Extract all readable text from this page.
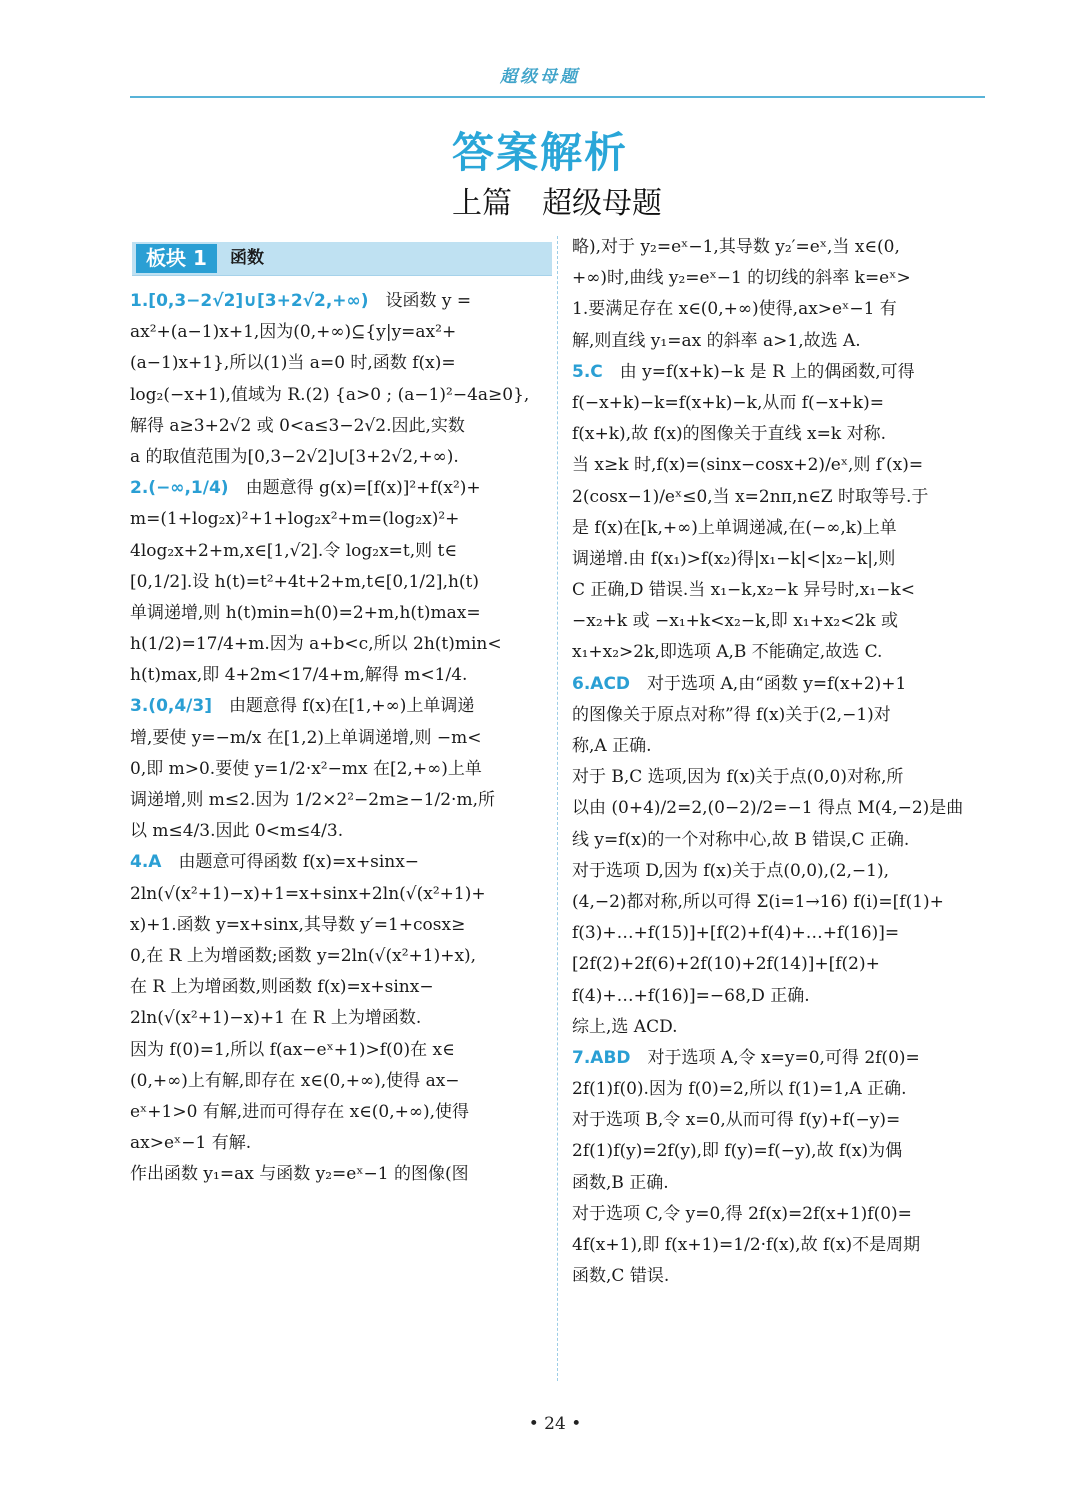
超级母题
答案解析
上篇 超级母题
板块 1	函数
1.[0,3−2√2]∪[3+2√2,+∞)　设函数 y =
ax²+(a−1)x+1,因为(0,+∞)⊆{y|y=ax²+
(a−1)x+1},所以(1)当 a=0 时,函数 f(x)=
log₂(−x+1),值域为 R.(2) {a>0 ; (a−1)²−4a≥0},
解得 a≥3+2√2 或 0<a≤3−2√2.因此,实数
a 的取值范围为[0,3−2√2]∪[3+2√2,+∞).
2.(−∞,1/4)　由题意得 g(x)=[f(x)]²+f(x²)+
m=(1+log₂x)²+1+log₂x²+m=(log₂x)²+
4log₂x+2+m,x∈[1,√2].令 log₂x=t,则 t∈
[0,1/2].设 h(t)=t²+4t+2+m,t∈[0,1/2],h(t)
单调递增,则 h(t)min=h(0)=2+m,h(t)max=
h(1/2)=17/4+m.因为 a+b<c,所以 2h(t)min<
h(t)max,即 4+2m<17/4+m,解得 m<1/4.
3.(0,4/3]　由题意得 f(x)在[1,+∞)上单调递
增,要使 y=−m/x 在[1,2)上单调递增,则 −m<
0,即 m>0.要使 y=1/2·x²−mx 在[2,+∞)上单
调递增,则 m≤2.因为 1/2×2²−2m≥−1/2·m,所
以 m≤4/3.因此 0<m≤4/3.
4.A　由题意可得函数 f(x)=x+sinx−
2ln(√(x²+1)−x)+1=x+sinx+2ln(√(x²+1)+
x)+1.函数 y=x+sinx,其导数 y′=1+cosx≥
0,在 R 上为增函数;函数 y=2ln(√(x²+1)+x),
在 R 上为增函数,则函数 f(x)=x+sinx−
2ln(√(x²+1)−x)+1 在 R 上为增函数.
因为 f(0)=1,所以 f(ax−eˣ+1)>f(0)在 x∈
(0,+∞)上有解,即存在 x∈(0,+∞),使得 ax−
eˣ+1>0 有解,进而可得存在 x∈(0,+∞),使得
ax>eˣ−1 有解.
作出函数 y₁=ax 与函数 y₂=eˣ−1 的图像(图
略),对于 y₂=eˣ−1,其导数 y₂′=eˣ,当 x∈(0,
+∞)时,曲线 y₂=eˣ−1 的切线的斜率 k=eˣ>
1.要满足存在 x∈(0,+∞)使得,ax>eˣ−1 有
解,则直线 y₁=ax 的斜率 a>1,故选 A.
5.C　由 y=f(x+k)−k 是 R 上的偶函数,可得
f(−x+k)−k=f(x+k)−k,从而 f(−x+k)=
f(x+k),故 f(x)的图像关于直线 x=k 对称.
当 x≥k 时,f(x)=(sinx−cosx+2)/eˣ,则 f′(x)=
2(cosx−1)/eˣ≤0,当 x=2nπ,n∈Z 时取等号.于
是 f(x)在[k,+∞)上单调递减,在(−∞,k)上单
调递增.由 f(x₁)>f(x₂)得|x₁−k|<|x₂−k|,则
C 正确,D 错误.当 x₁−k,x₂−k 异号时,x₁−k<
−x₂+k 或 −x₁+k<x₂−k,即 x₁+x₂<2k 或
x₁+x₂>2k,即选项 A,B 不能确定,故选 C.
6.ACD　对于选项 A,由“函数 y=f(x+2)+1
的图像关于原点对称”得 f(x)关于(2,−1)对
称,A 正确.
对于 B,C 选项,因为 f(x)关于点(0,0)对称,所
以由 (0+4)/2=2,(0−2)/2=−1 得点 M(4,−2)是曲
线 y=f(x)的一个对称中心,故 B 错误,C 正确.
对于选项 D,因为 f(x)关于点(0,0),(2,−1),
(4,−2)都对称,所以可得 Σ(i=1→16) f(i)=[f(1)+
f(3)+…+f(15)]+[f(2)+f(4)+…+f(16)]=
[2f(2)+2f(6)+2f(10)+2f(14)]+[f(2)+
f(4)+…+f(16)]=−68,D 正确.
综上,选 ACD.
7.ABD　对于选项 A,令 x=y=0,可得 2f(0)=
2f(1)f(0).因为 f(0)=2,所以 f(1)=1,A 正确.
对于选项 B,令 x=0,从而可得 f(y)+f(−y)=
2f(1)f(y)=2f(y),即 f(y)=f(−y),故 f(x)为偶
函数,B 正确.
对于选项 C,令 y=0,得 2f(x)=2f(x+1)f(0)=
4f(x+1),即 f(x+1)=1/2·f(x),故 f(x)不是周期
函数,C 错误.
• 24 •
